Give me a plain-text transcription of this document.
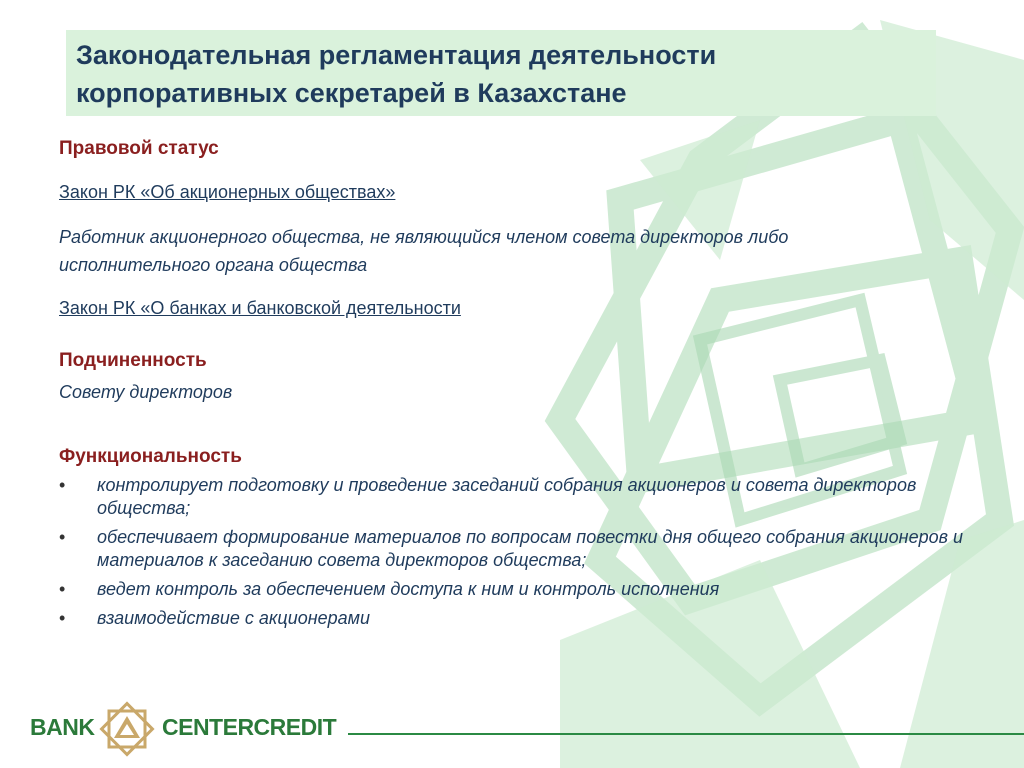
Законодательная регламентация деятельности корпоративных секретарей в Казахстане
Правовой статус
Закон РК «Об акционерных обществах»
Работник акционерного общества, не являющийся членом совета директоров либо исполнительного органа общества
Закон РК «О банках и банковской деятельности
Подчиненность
Совету директоров
Функциональность
• контролирует подготовку и проведение заседаний собрания акционеров и совета директоров общества;
• обеспечивает формирование материалов по вопросам повестки дня общего собрания акционеров и материалов к заседанию совета директоров общества;
• ведет контроль за обеспечением доступа к ним и контроль исполнения
• взаимодействие с акционерами
BANK	CENTERCREDIT
